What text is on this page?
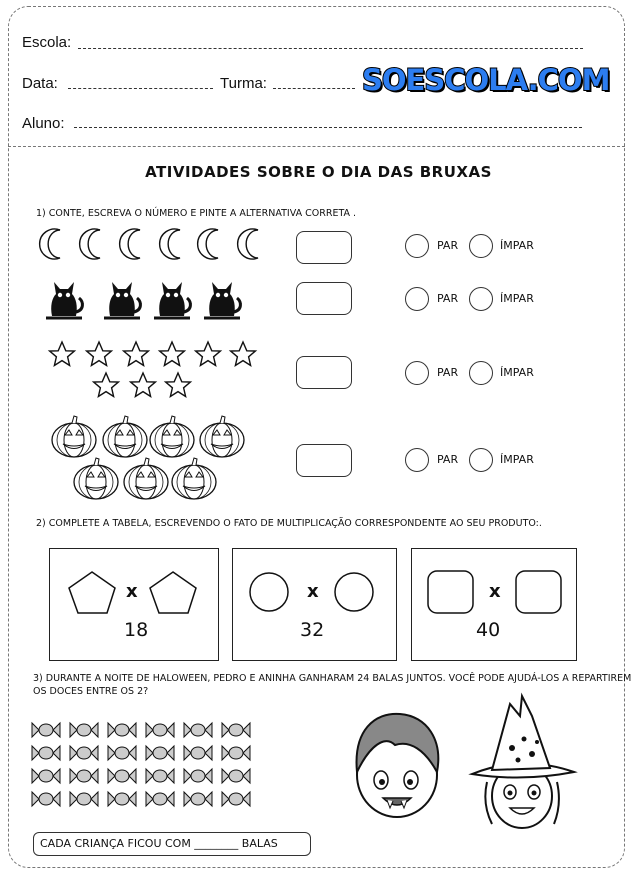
Escola:
Data:	Turma:	SOESCOLA.COM
Aluno:
ATIVIDADES SOBRE O DIA DAS BRUXAS
1) CONTE, ESCREVA O NÚMERO E PINTE A ALTERNATIVA CORRETA .
PAR	ÍMPAR
PAR	ÍMPAR
PAR	ÍMPAR
PAR	ÍMPAR
2) COMPLETE A TABELA, ESCREVENDO O FATO DE MULTIPLICAÇÃO CORRESPONDENTE AO SEU PRODUTO:.
x
18
x
32
x
40
3) DURANTE A NOITE DE HALOWEEN, PEDRO E ANINHA GANHARAM 24 BALAS JUNTOS. VOCÊ PODE AJUDÁ-LOS A REPARTIREM
OS DOCES ENTRE OS 2?
CADA CRIANÇA FICOU COM ________ BALAS
